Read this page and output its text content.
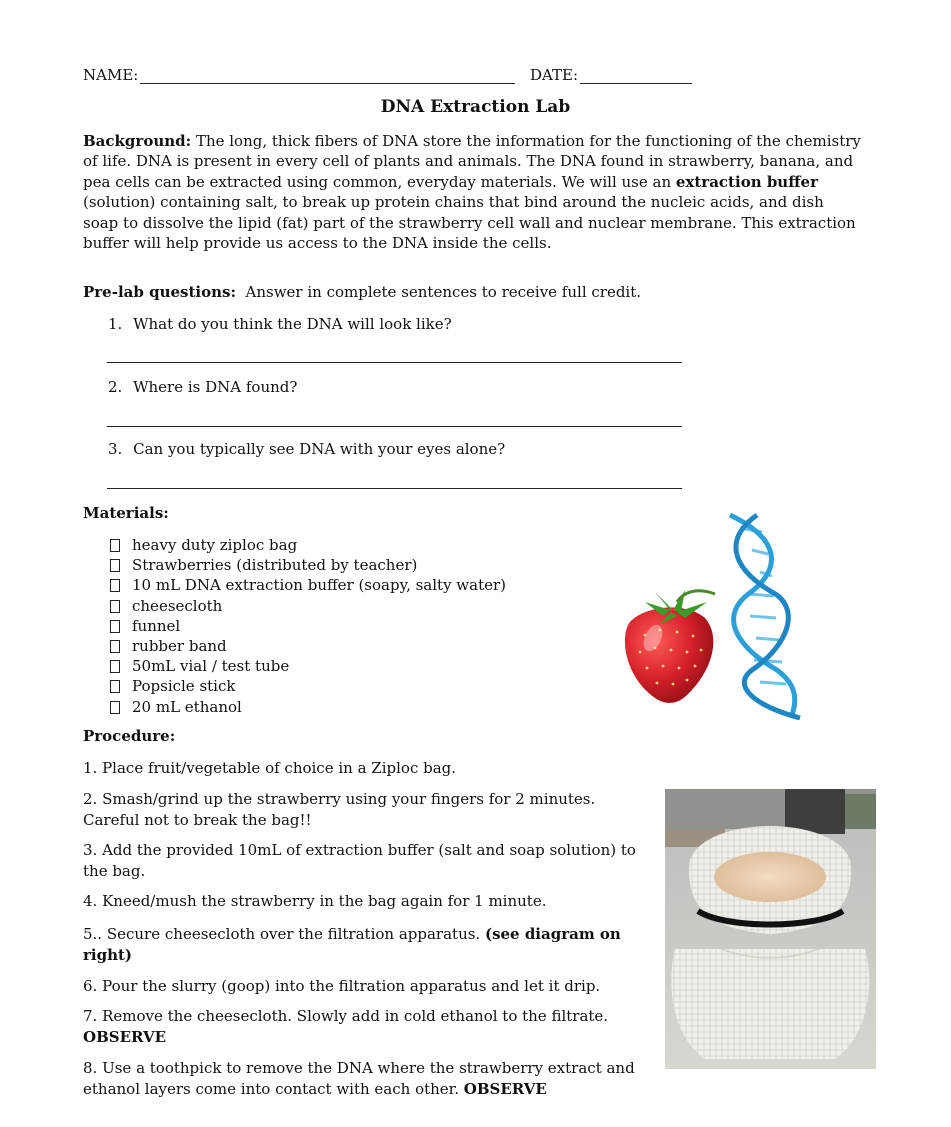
NAME:	DATE:
DNA Extraction Lab
Background: The long, thick fibers of DNA store the information for the functioning of the chemistry of life. DNA is present in every cell of plants and animals. The DNA found in strawberry, banana, and pea cells can be extracted using common, everyday materials. We will use an extraction buffer (solution) containing salt, to break up protein chains that bind around the nucleic acids, and dish soap to dissolve the lipid (fat) part of the strawberry cell wall and nuclear membrane. This extraction buffer will help provide us access to the DNA inside the cells.
Pre-lab questions:  Answer in complete sentences to receive full credit.
1. What do you think the DNA will look like?
2. Where is DNA found?
3. Can you typically see DNA with your eyes alone?
Materials:
heavy duty ziploc bag
Strawberries (distributed by teacher)
10 mL DNA extraction buffer (soapy, salty water)
cheesecloth
funnel
rubber band
50mL vial / test tube
Popsicle stick
20 mL ethanol
Procedure:
1. Place fruit/vegetable of choice in a Ziploc bag.
2. Smash/grind up the strawberry using your fingers for 2 minutes. Careful not to break the bag!!
3. Add the provided 10mL of extraction buffer (salt and soap solution) to the bag.
4. Kneed/mush the strawberry in the bag again for 1 minute.
5.. Secure cheesecloth over the filtration apparatus. (see diagram on right)
6. Pour the slurry (goop) into the filtration apparatus and let it drip.
7. Remove the cheesecloth. Slowly add in cold ethanol to the filtrate. OBSERVE
8. Use a toothpick to remove the DNA where the strawberry extract and ethanol layers come into contact with each other. OBSERVE
